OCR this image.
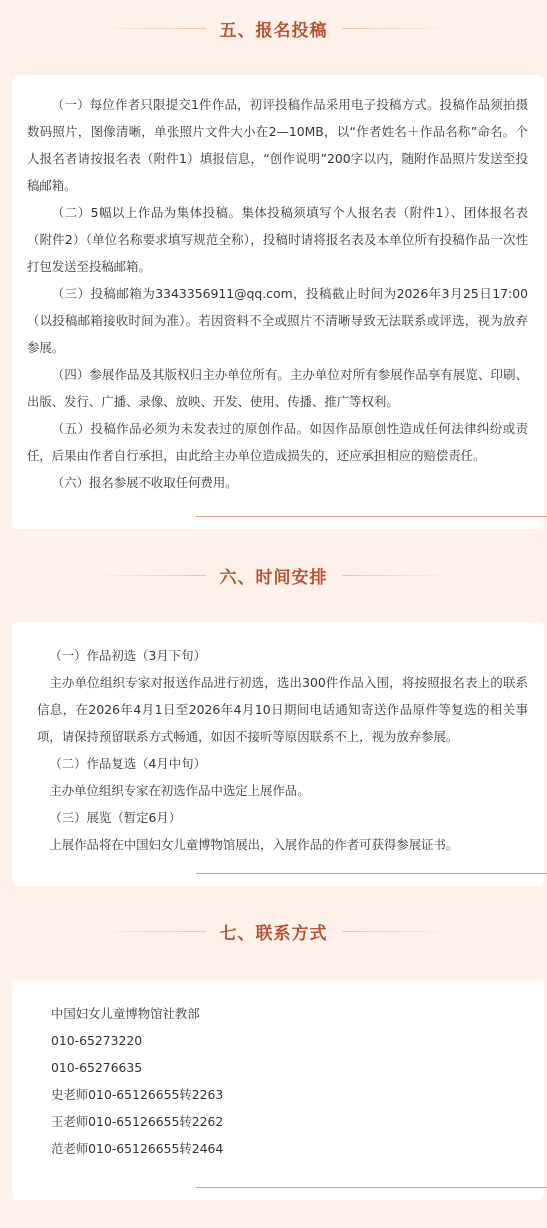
五、报名投稿

（一）每位作者只限提交1件作品，初评投稿作品采用电子投稿方式。投稿作品须拍摄数码照片，图像清晰，单张照片文件大小在2—10MB，以“作者姓名＋作品名称”命名。个人报名者请按报名表（附件1）填报信息，“创作说明”200字以内，随附作品照片发送至投稿邮箱。

（二）5幅以上作品为集体投稿。集体投稿须填写个人报名表（附件1）、团体报名表（附件2）（单位名称要求填写规范全称），投稿时请将报名表及本单位所有投稿作品一次性打包发送至投稿邮箱。

（三）投稿邮箱为3343356911@qq.com，投稿截止时间为2026年3月25日17:00（以投稿邮箱接收时间为准）。若因资料不全或照片不清晰导致无法联系或评选，视为放弃参展。

（四）参展作品及其版权归主办单位所有。主办单位对所有参展作品享有展览、印刷、出版、发行、广播、录像、放映、开发、使用、传播、推广等权利。

（五）投稿作品必须为未发表过的原创作品。如因作品原创性造成任何法律纠纷或责任，后果由作者自行承担，由此给主办单位造成损失的，还应承担相应的赔偿责任。

（六）报名参展不收取任何费用。

六、时间安排

（一）作品初选（3月下旬）

主办单位组织专家对报送作品进行初选，选出300件作品入围，将按照报名表上的联系信息，在2026年4月1日至2026年4月10日期间电话通知寄送作品原件等复选的相关事项，请保持预留联系方式畅通，如因不接听等原因联系不上，视为放弃参展。

（二）作品复选（4月中旬）

主办单位组织专家在初选作品中选定上展作品。

（三）展览（暂定6月）

上展作品将在中国妇女儿童博物馆展出，入展作品的作者可获得参展证书。

七、联系方式

中国妇女儿童博物馆社教部

010-65273220

010-65276635

史老师010-65126655转2263

王老师010-65126655转2262

范老师010-65126655转2464
